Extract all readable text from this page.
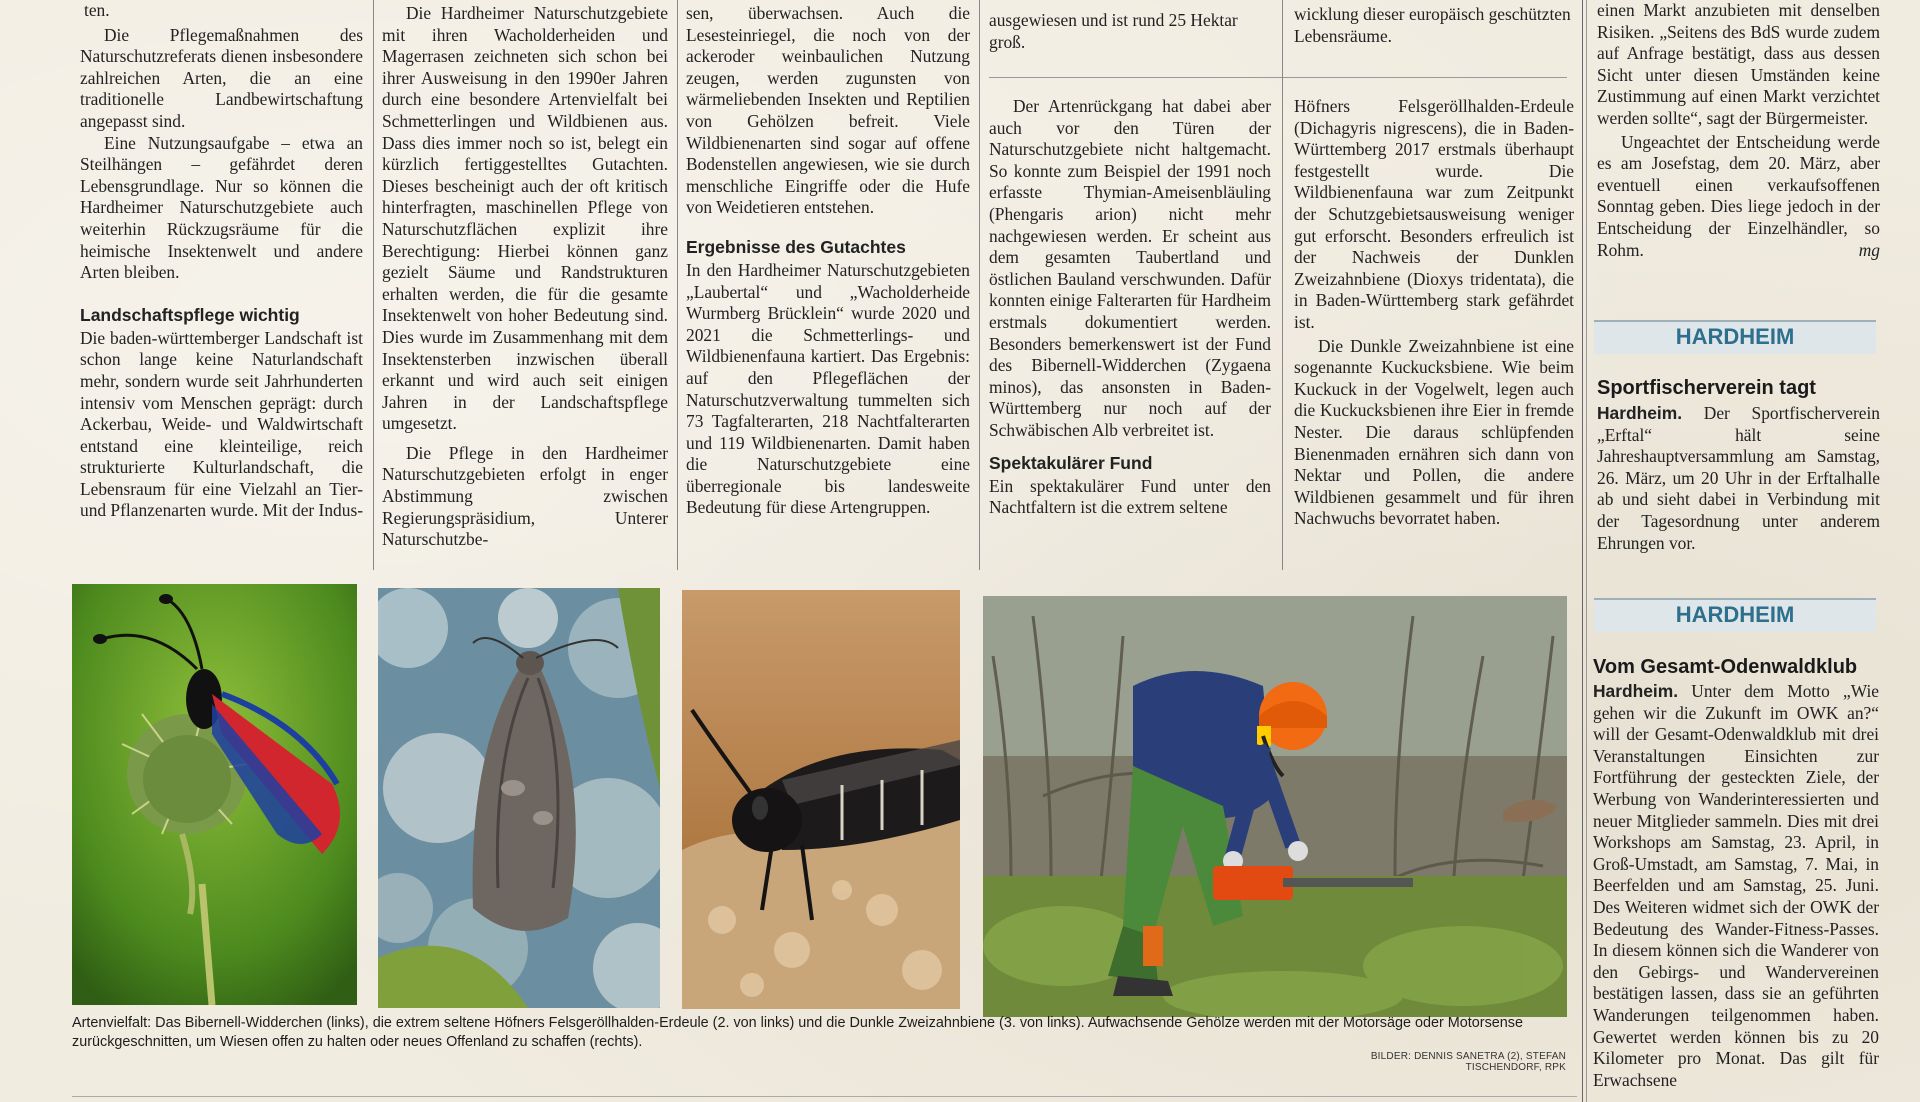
ten.

Die Pflegemaßnahmen des Naturschutzreferats dienen insbesondere zahlreichen Arten, die an eine traditionelle Landbewirtschaftung angepasst sind.

Eine Nutzungsaufgabe – etwa an Steilhängen – gefährdet deren Lebensgrundlage. Nur so können die Hardheimer Naturschutzgebiete auch weiterhin Rückzugsräume für die heimische Insektenwelt und andere Arten bleiben.

Landschaftspflege wichtig

Die baden-württemberger Landschaft ist schon lange keine Naturlandschaft mehr, sondern wurde seit Jahrhunderten intensiv vom Menschen geprägt: durch Ackerbau, Weide- und Waldwirtschaft entstand eine kleinteilige, reich strukturierte Kulturlandschaft, die Lebensraum für eine Vielzahl an Tier- und Pflanzenarten wurde. Mit der Indus-

Die Hardheimer Naturschutzgebiete mit ihren Wacholderheiden und Magerrasen zeichneten sich schon bei ihrer Ausweisung in den 1990er Jahren durch eine besondere Artenvielfalt bei Schmetterlingen und Wildbienen aus. Dass dies immer noch so ist, belegt ein kürzlich fertiggestelltes Gutachten. Dieses bescheinigt auch der oft kritisch hinterfragten, maschinellen Pflege von Naturschutzflächen explizit ihre Berechtigung: Hierbei können ganz gezielt Säume und Randstrukturen erhalten werden, die für die gesamte Insektenwelt von hoher Bedeutung sind. Dies wurde im Zusammenhang mit dem Insektensterben inzwischen überall erkannt und wird auch seit einigen Jahren in der Landschaftspflege umgesetzt.

Die Pflege in den Hardheimer Naturschutzgebieten erfolgt in enger Abstimmung zwischen Regierungspräsidium, Unterer Naturschutzbe-

sen, überwachsen. Auch die Lesesteinriegel, die noch von der ackeroder weinbaulichen Nutzung zeugen, werden zugunsten von wärmeliebenden Insekten und Reptilien von Gehölzen befreit. Viele Wildbienenarten sind sogar auf offene Bodenstellen angewiesen, wie sie durch menschliche Eingriffe oder die Hufe von Weidetieren entstehen.

Ergebnisse des Gutachtes

In den Hardheimer Naturschutzgebieten „Laubertal“ und „Wacholderheide Wurmberg Brücklein“ wurde 2020 und 2021 die Schmetterlings- und Wildbienenfauna kartiert. Das Ergebnis: auf den Pflegeflächen der Naturschutzverwaltung tummelten sich 73 Tagfalterarten, 218 Nachtfalterarten und 119 Wildbienenarten. Damit haben die Naturschutzgebiete eine überregionale bis landesweite Bedeutung für diese Artengruppen.

ausgewiesen und ist rund 25 Hektar groß.

Der Artenrückgang hat dabei aber auch vor den Türen der Naturschutzgebiete nicht haltgemacht. So konnte zum Beispiel der 1991 noch erfasste Thymian-Ameisenbläuling (Phengaris arion) nicht mehr nachgewiesen werden. Er scheint aus dem gesamten Taubertland und östlichen Bauland verschwunden. Dafür konnten einige Falterarten für Hardheim erstmals dokumentiert werden. Besonders bemerkenswert ist der Fund des Bibernell-Widderchen (Zygaena minos), das ansonsten in Baden-Württemberg nur noch auf der Schwäbischen Alb verbreitet ist.

Spektakulärer Fund

Ein spektakulärer Fund unter den Nachtfaltern ist die extrem seltene

wicklung dieser europäisch geschützten Lebensräume.

Höfners Felsgeröllhalden-Erdeule (Dichagyris nigrescens), die in Baden-Württemberg 2017 erstmals überhaupt festgestellt wurde. Die Wildbienenfauna war zum Zeitpunkt der Schutzgebietsausweisung weniger gut erforscht. Besonders erfreulich ist der Nachweis der Dunklen Zweizahnbiene (Dioxys tridentata), die in Baden-Württemberg stark gefährdet ist.

Die Dunkle Zweizahnbiene ist eine sogenannte Kuckucksbiene. Wie beim Kuckuck in der Vogelwelt, legen auch die Kuckucksbienen ihre Eier in fremde Nester. Die daraus schlüpfenden Bienenmaden ernähren sich dann von Nektar und Pollen, die andere Wildbienen gesammelt und für ihren Nachwuchs bevorratet haben.

einen Markt anzubieten mit denselben Risiken. „Seitens des BdS wurde zudem auf Anfrage bestätigt, dass aus dessen Sicht unter diesen Umständen keine Zustimmung auf einen Markt verzichtet werden sollte“, sagt der Bürgermeister.

Ungeachtet der Entscheidung werde es am Josefstag, dem 20. März, aber eventuell einen verkaufsoffenen Sonntag geben. Dies liege jedoch in der Entscheidung der Einzelhändler, so Rohm.	mg

HARDHEIM
Sportfischerverein tagt

Hardheim. Der Sportfischerverein „Erftal“ hält seine Jahreshauptversammlung am Samstag, 26. März, um 20 Uhr in der Erftalhalle ab und sieht dabei in Verbindung mit der Tagesordnung unter anderem Ehrungen vor.

HARDHEIM
Vom Gesamt-Odenwaldklub

Hardheim. Unter dem Motto „Wie gehen wir die Zukunft im OWK an?“ will der Gesamt-Odenwaldklub mit drei Veranstaltungen Einsichten zur Fortführung der gesteckten Ziele, der Werbung von Wanderinteressierten und neuer Mitglieder sammeln. Dies mit drei Workshops am Samstag, 23. April, in Groß-Umstadt, am Samstag, 7. Mai, in Beerfelden und am Samstag, 25. Juni. Des Weiteren widmet sich der OWK der Bedeutung des Wander-Fitness-Passes. In diesem können sich die Wanderer von den Gebirgs- und Wandervereinen bestätigen lassen, dass sie an geführten Wanderungen teilgenommen haben. Gewertet werden können bis zu 20 Kilometer pro Monat. Das gilt für Erwachsene

Artenvielfalt: Das Bibernell-Widderchen (links), die extrem seltene Höfners Felsgeröllhalden-Erdeule (2. von links) und die Dunkle Zweizahnbiene (3. von links). Aufwachsende Gehölze werden mit der Motorsäge oder Motorsense zurückgeschnitten, um Wiesen offen zu halten oder neues Offenland zu schaffen (rechts).
BILDER: DENNIS SANETRA (2), STEFAN TISCHENDORF, RPK
